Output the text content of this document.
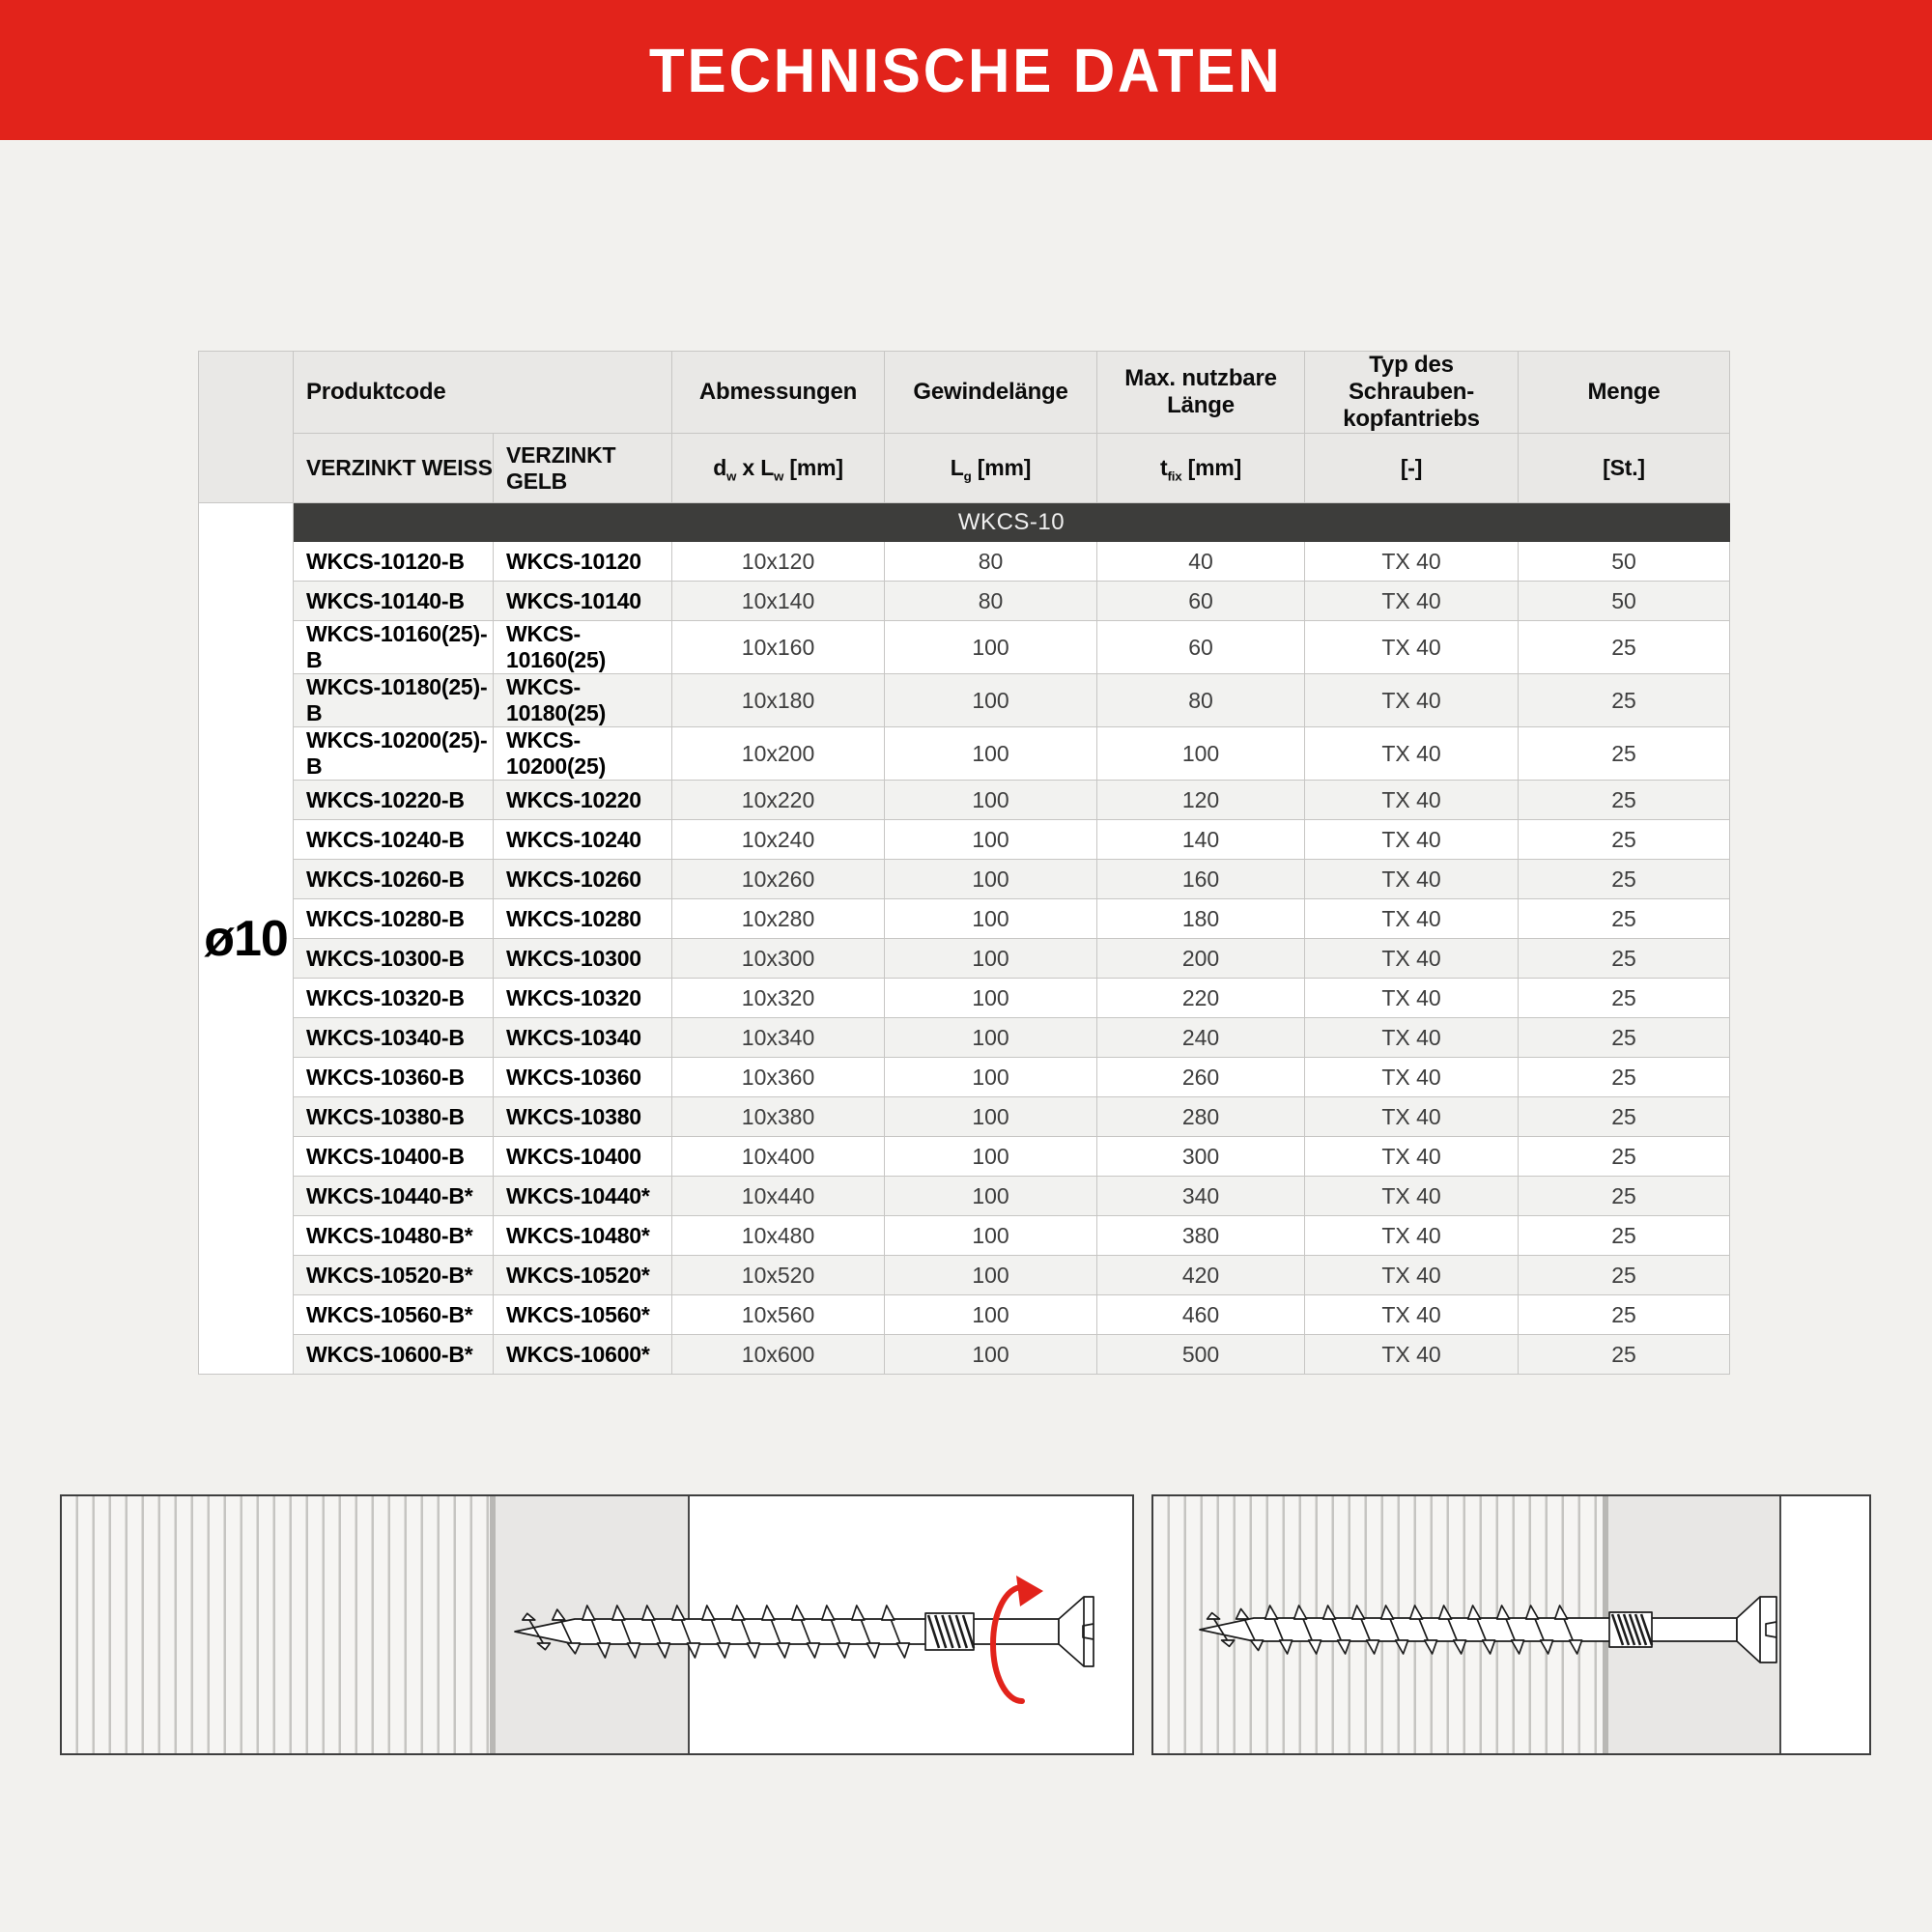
TECHNISCHE DATEN
	Produktcode		Abmessungen	Gewindelänge	Max. nutzbare Länge	Typ des Schrauben-kopfantriebs	Menge
	VERZINKT WEISS	VERZINKT GELB	$d_w$ x $L_w$ [mm]	$L_g$ [mm]	$t_{fix}$ [mm]	[-]	[St.]
ø10	WKCS-10						
	WKCS-10120-B	WKCS-10120	10x120	80	40	TX 40	50
	WKCS-10140-B	WKCS-10140	10x140	80	60	TX 40	50
	WKCS-10160(25)-B	WKCS-10160(25)	10x160	100	60	TX 40	25
	WKCS-10180(25)-B	WKCS-10180(25)	10x180	100	80	TX 40	25
	WKCS-10200(25)-B	WKCS-10200(25)	10x200	100	100	TX 40	25
	WKCS-10220-B	WKCS-10220	10x220	100	120	TX 40	25
	WKCS-10240-B	WKCS-10240	10x240	100	140	TX 40	25
	WKCS-10260-B	WKCS-10260	10x260	100	160	TX 40	25
	WKCS-10280-B	WKCS-10280	10x280	100	180	TX 40	25
	WKCS-10300-B	WKCS-10300	10x300	100	200	TX 40	25
	WKCS-10320-B	WKCS-10320	10x320	100	220	TX 40	25
	WKCS-10340-B	WKCS-10340	10x340	100	240	TX 40	25
	WKCS-10360-B	WKCS-10360	10x360	100	260	TX 40	25
	WKCS-10380-B	WKCS-10380	10x380	100	280	TX 40	25
	WKCS-10400-B	WKCS-10400	10x400	100	300	TX 40	25
	WKCS-10440-B*	WKCS-10440*	10x440	100	340	TX 40	25
	WKCS-10480-B*	WKCS-10480*	10x480	100	380	TX 40	25
	WKCS-10520-B*	WKCS-10520*	10x520	100	420	TX 40	25
	WKCS-10560-B*	WKCS-10560*	10x560	100	460	TX 40	25
	WKCS-10600-B*	WKCS-10600*	10x600	100	500	TX 40	25
